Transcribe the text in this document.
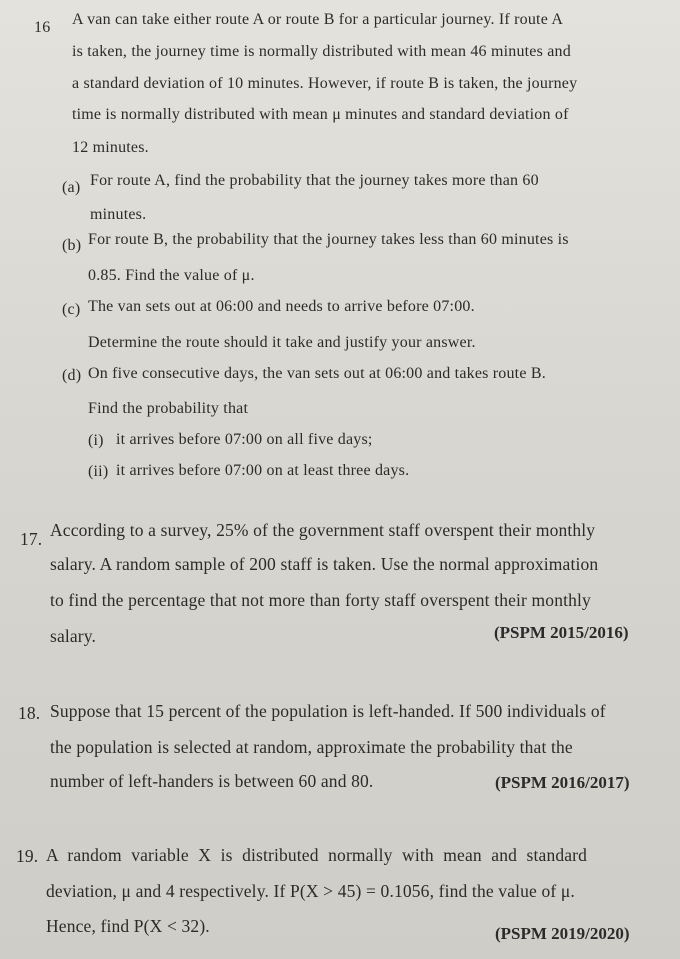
16 A van can take either route A or route B for a particular journey. If route A
is taken, the journey time is normally distributed with mean 46 minutes and
a standard deviation of 10 minutes. However, if route B is taken, the journey
time is normally distributed with mean μ minutes and standard deviation of
12 minutes.
(a) For route A, find the probability that the journey takes more than 60
minutes.
(b) For route B, the probability that the journey takes less than 60 minutes is
0.85. Find the value of μ.
(c) The van sets out at 06:00 and needs to arrive before 07:00.
Determine the route should it take and justify your answer.
(d) On five consecutive days, the van sets out at 06:00 and takes route B.
Find the probability that
(i) it arrives before 07:00 on all five days;
(ii) it arrives before 07:00 on at least three days.
17. According to a survey, 25% of the government staff overspent their monthly
salary. A random sample of 200 staff is taken. Use the normal approximation
to find the percentage that not more than forty staff overspent their monthly
salary.	(PSPM 2015/2016)
18. Suppose that 15 percent of the population is left-handed. If 500 individuals of
the population is selected at random, approximate the probability that the
number of left-handers is between 60 and 80.	(PSPM 2016/2017)
19. A random variable X is distributed normally with mean and standard
deviation, μ and 4 respectively. If P(X > 45) = 0.1056, find the value of μ.
Hence, find P(X < 32).	(PSPM 2019/2020)
